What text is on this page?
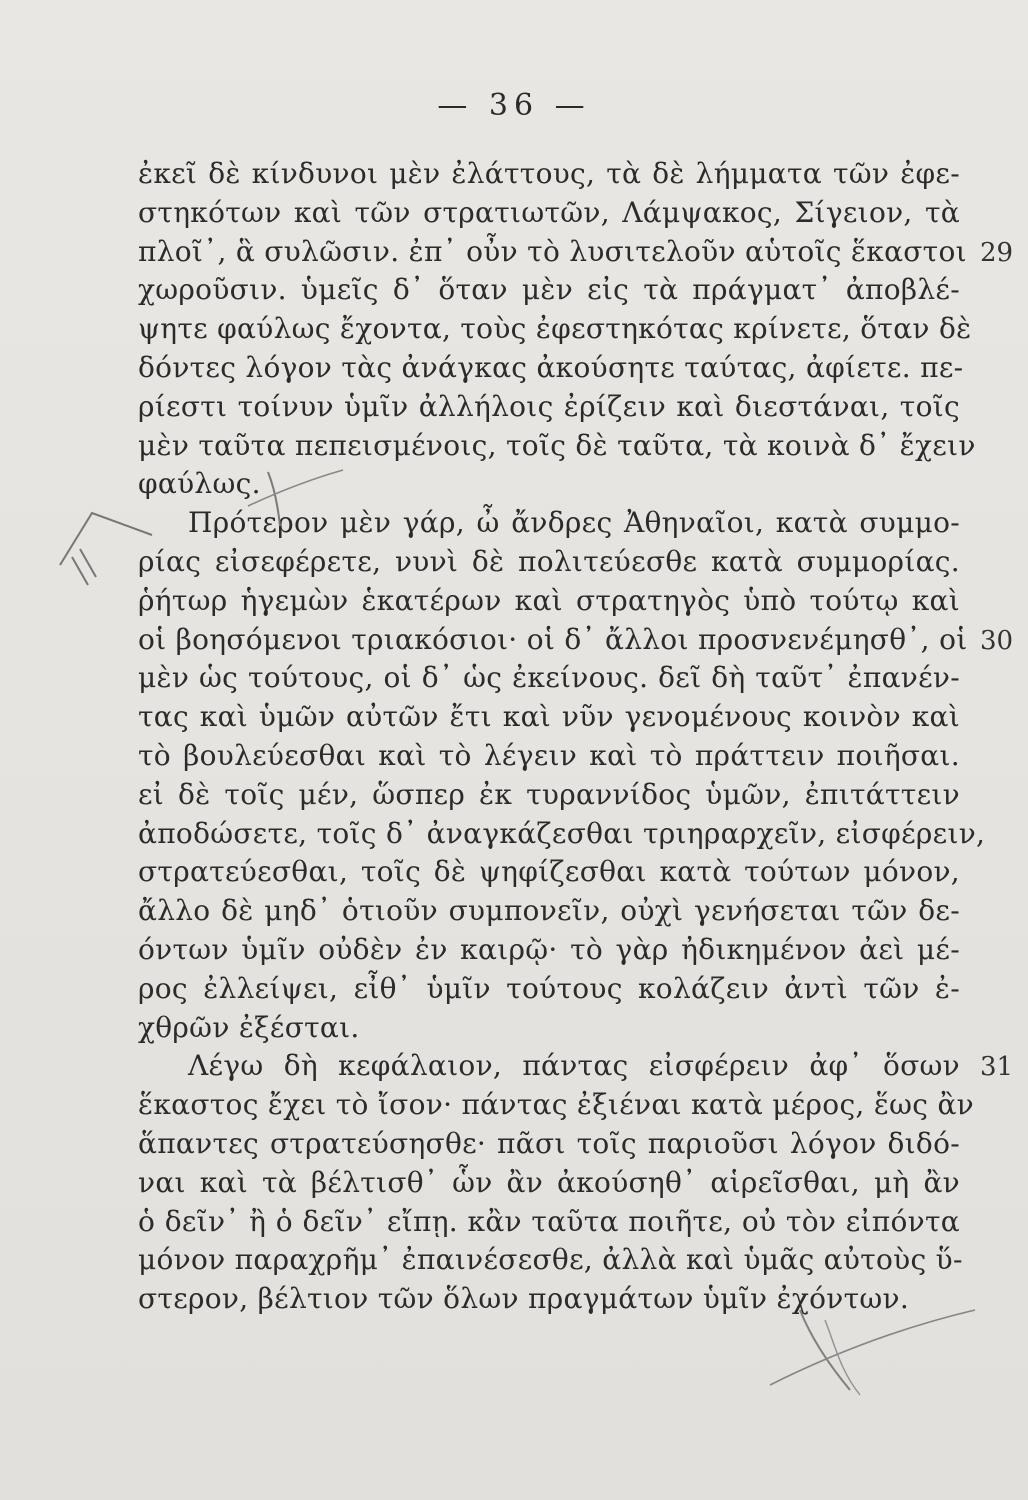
— 36 —
ἐκεῖ δὲ κίνδυνοι μὲν ἐλάττους, τὰ δὲ λήμματα τῶν ἐφε-
στηκότων καὶ τῶν στρατιωτῶν, Λάμψακος, Σίγειον, τὰ
πλοῖ᾽, ἃ συλῶσιν. ἐπ᾽ οὖν τὸ λυσιτελοῦν αὑτοῖς ἕκαστοι
χωροῦσιν. ὑμεῖς δ᾽ ὅταν μὲν εἰς τὰ πράγματ᾽ ἀποβλέ-
ψητε φαύλως ἔχοντα, τοὺς ἐφεστηκότας κρίνετε, ὅταν δὲ
δόντες λόγον τὰς ἀνάγκας ἀκούσητε ταύτας, ἀφίετε. πε-
ρίεστι τοίνυν ὑμῖν ἀλλήλοις ἐρίζειν καὶ διεστάναι, τοῖς
μὲν ταῦτα πεπεισμένοις, τοῖς δὲ ταῦτα, τὰ κοινὰ δ᾽ ἔχειν
φαύλως.
Πρότερον μὲν γάρ, ὦ ἄνδρες Ἀθηναῖοι, κατὰ συμμο-
ρίας εἰσεφέρετε, νυνὶ δὲ πολιτεύεσθε κατὰ συμμορίας.
ῥήτωρ ἡγεμὼν ἑκατέρων καὶ στρατηγὸς ὑπὸ τούτῳ καὶ
οἱ βοησόμενοι τριακόσιοι· οἱ δ᾽ ἄλλοι προσνενέμησθ᾽, οἱ
μὲν ὡς τούτους, οἱ δ᾽ ὡς ἐκείνους. δεῖ δὴ ταῦτ᾽ ἐπανέν-
τας καὶ ὑμῶν αὐτῶν ἔτι καὶ νῦν γενομένους κοινὸν καὶ
τὸ βουλεύεσθαι καὶ τὸ λέγειν καὶ τὸ πράττειν ποιῆσαι.
εἰ δὲ τοῖς μέν, ὥσπερ ἐκ τυραννίδος ὑμῶν, ἐπιτάττειν
ἀποδώσετε, τοῖς δ᾽ ἀναγκάζεσθαι τριηραρχεῖν, εἰσφέρειν,
στρατεύεσθαι, τοῖς δὲ ψηφίζεσθαι κατὰ τούτων μόνον,
ἄλλο δὲ μηδ᾽ ὁτιοῦν συμπονεῖν, οὐχὶ γενήσεται τῶν δε-
όντων ὑμῖν οὐδὲν ἐν καιρῷ· τὸ γὰρ ἠδικημένον ἀεὶ μέ-
ρος ἐλλείψει, εἶθ᾽ ὑμῖν τούτους κολάζειν ἀντὶ τῶν ἐ-
χθρῶν ἐξέσται.
Λέγω δὴ κεφάλαιον, πάντας εἰσφέρειν ἀφ᾽ ὅσων
ἕκαστος ἔχει τὸ ἴσον· πάντας ἐξιέναι κατὰ μέρος, ἕως ἂν
ἅπαντες στρατεύσησθε· πᾶσι τοῖς παριοῦσι λόγον διδό-
ναι καὶ τὰ βέλτισθ᾽ ὧν ἂν ἀκούσηθ᾽ αἱρεῖσθαι, μὴ ἂν
ὁ δεῖν᾽ ἢ ὁ δεῖν᾽ εἴπῃ. κἂν ταῦτα ποιῆτε, οὐ τὸν εἰπόντα
μόνον παραχρῆμ᾽ ἐπαινέσεσθε, ἀλλὰ καὶ ὑμᾶς αὐτοὺς ὕ-
στερον, βέλτιον τῶν ὅλων πραγμάτων ὑμῖν ἐχόντων.
29
30
31
